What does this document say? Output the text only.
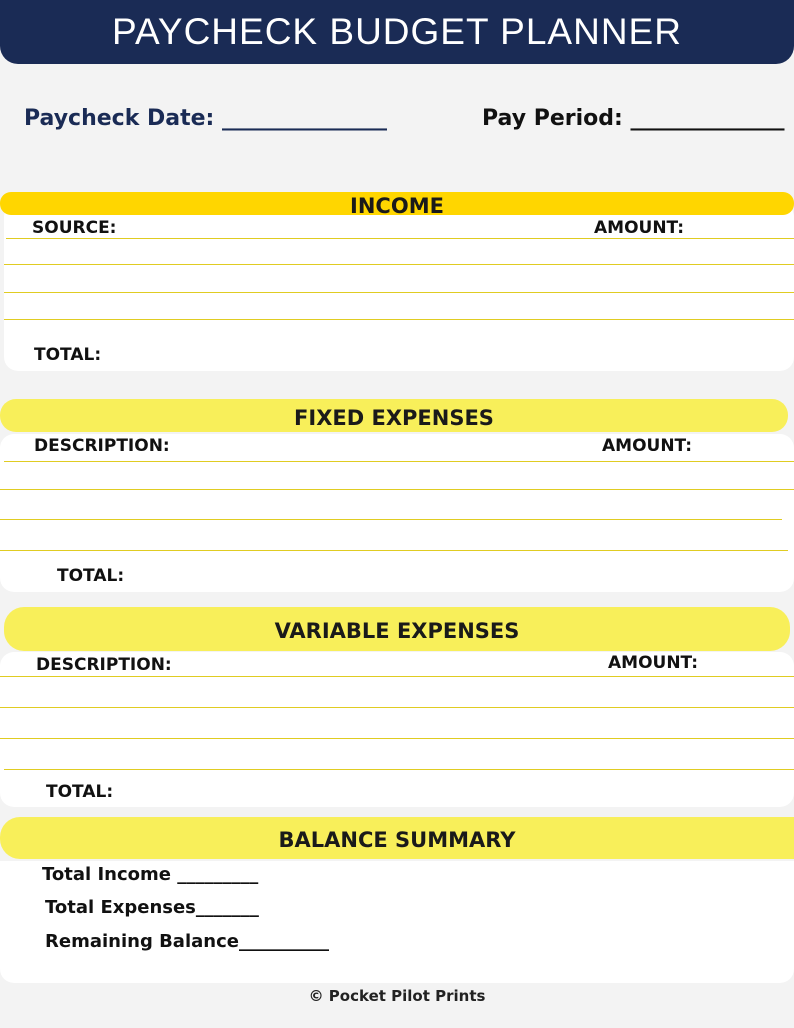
PAYCHECK BUDGET PLANNER
Paycheck Date: _______________	Pay Period: ______________
INCOME
SOURCE:	AMOUNT:
TOTAL:
FIXED EXPENSES
DESCRIPTION:	AMOUNT:
TOTAL:
VARIABLE EXPENSES
DESCRIPTION:	AMOUNT:
TOTAL:
BALANCE SUMMARY
Total Income _________
Total Expenses_______
Remaining Balance__________
© Pocket Pilot Prints
